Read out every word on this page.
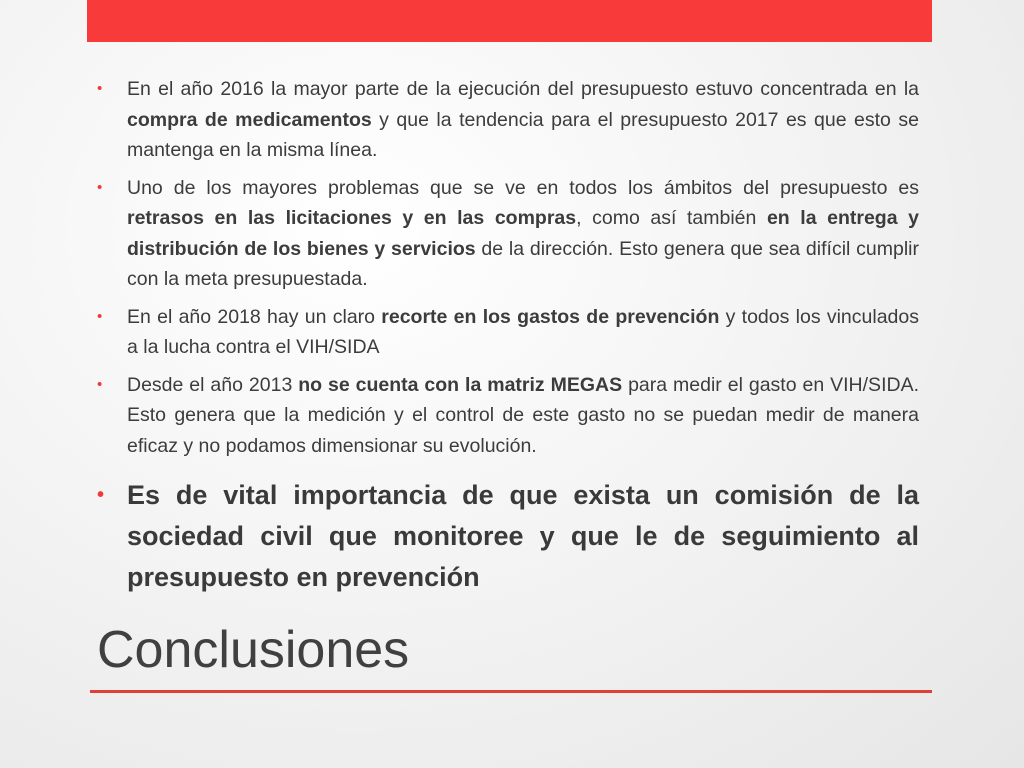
• En el año 2016 la mayor parte de la ejecución del presupuesto estuvo concentrada en la compra de medicamentos y que la tendencia para el presupuesto 2017 es que esto se mantenga en la misma línea.
• Uno de los mayores problemas que se ve en todos los ámbitos del presupuesto es retrasos en las licitaciones y en las compras, como así también en la entrega y distribución de los bienes y servicios de la dirección. Esto genera que sea difícil cumplir con la meta presupuestada.
• En el año 2018 hay un claro recorte en los gastos de prevención y todos los vinculados a la lucha contra el VIH/SIDA
• Desde el año 2013 no se cuenta con la matriz MEGAS para medir el gasto en VIH/SIDA. Esto genera que la medición y el control de este gasto no se puedan medir de manera eficaz y no podamos dimensionar su evolución.
• Es de vital importancia de que exista un comisión de la sociedad civil que monitoree y que le de seguimiento al presupuesto en prevención
Conclusiones
